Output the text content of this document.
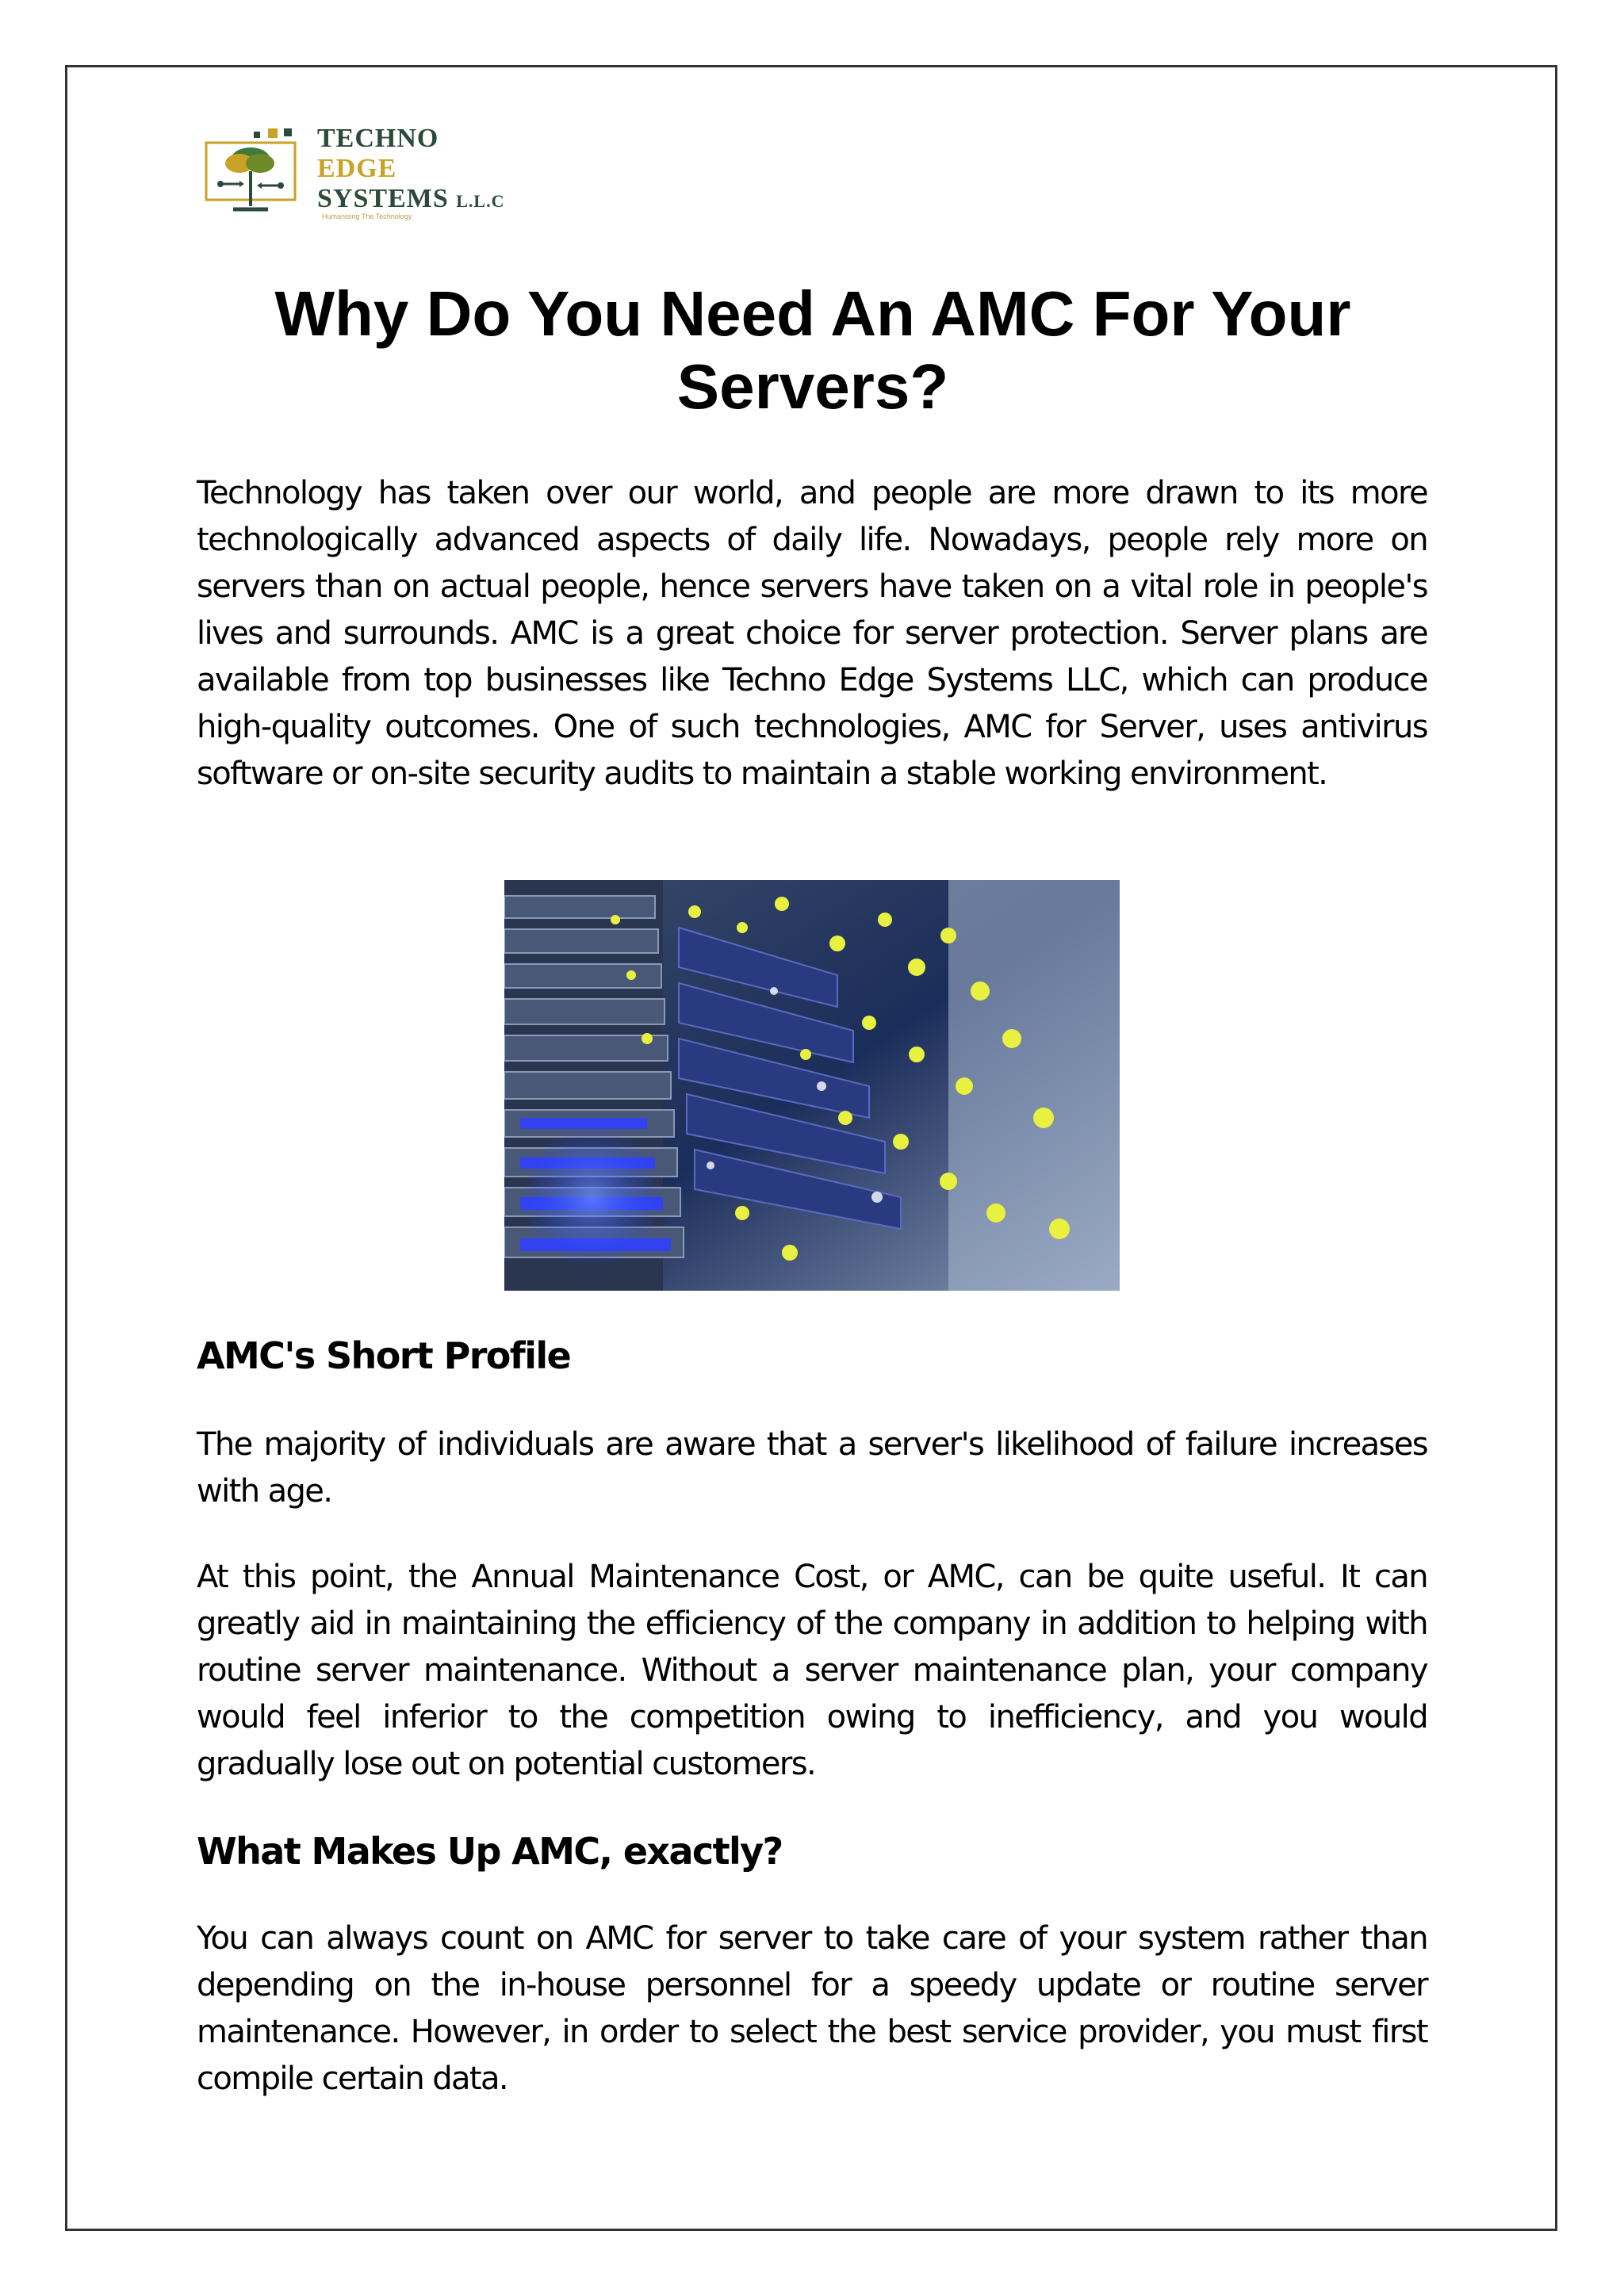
TECHNO
EDGE
SYSTEMS L.L.C
Humanising The Technology
Why Do You Need An AMC For Your Servers?

Technology has taken over our world, and people are more drawn to its more technologically advanced aspects of daily life. Nowadays, people rely more on servers than on actual people, hence servers have taken on a vital role in people's lives and surrounds. AMC is a great choice for server protection. Server plans are available from top businesses like Techno Edge Systems LLC, which can produce high-quality outcomes. One of such technologies, AMC for Server, uses antivirus software or on-site security audits to maintain a stable working environment.

AMC's Short Profile

The majority of individuals are aware that a server's likelihood of failure increases with age.

At this point, the Annual Maintenance Cost, or AMC, can be quite useful. It can greatly aid in maintaining the efficiency of the company in addition to helping with routine server maintenance. Without a server maintenance plan, your company would feel inferior to the competition owing to inefficiency, and you would gradually lose out on potential customers.

What Makes Up AMC, exactly?

You can always count on AMC for server to take care of your system rather than depending on the in-house personnel for a speedy update or routine server maintenance. However, in order to select the best service provider, you must first compile certain data.
